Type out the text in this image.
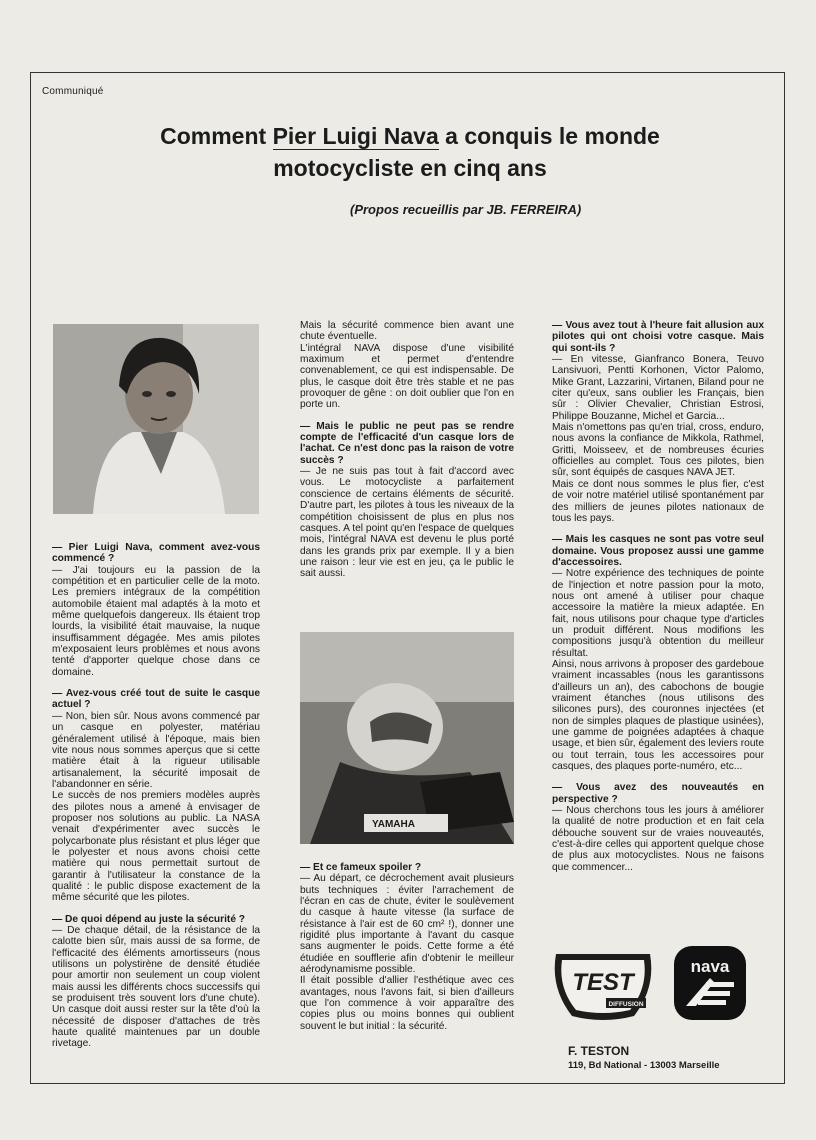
Communiqué
Comment Pier Luigi Nava a conquis le monde
motocycliste en cinq ans
(Propos recueillis par JB. FERREIRA)
YAMAHA

— Pier Luigi Nava, comment avez-vous commencé ?

— J'ai toujours eu la passion de la compétition et en particulier celle de la moto. Les premiers intégraux de la compétition automobile étaient mal adaptés à la moto et même quelquefois dangereux. Ils étaient trop lourds, la visibilité était mauvaise, la nuque insuffisamment dégagée. Mes amis pilotes m'exposaient leurs problèmes et nous avons tenté d'apporter quelque chose dans ce domaine.

— Avez-vous créé tout de suite le casque actuel ?

— Non, bien sûr. Nous avons commencé par un casque en polyester, matériau généralement utilisé à l'époque, mais bien vite nous nous sommes aperçus que si cette matière était à la rigueur utilisable artisanalement, la sécurité imposait de l'abandonner en série.

Le succès de nos premiers modèles auprès des pilotes nous a amené à envisager de proposer nos solutions au public. La NASA venait d'expérimenter avec succès le polycarbonate plus résistant et plus léger que le polyester et nous avons choisi cette matière qui nous permettait surtout de garantir à l'utilisateur la constance de la qualité : le public dispose exactement de la même sécurité que les pilotes.

— De quoi dépend au juste la sécurité ?

— De chaque détail, de la résistance de la calotte bien sûr, mais aussi de sa forme, de l'efficacité des éléments amortisseurs (nous utilisons un polystirène de densité étudiée pour amortir non seulement un coup violent mais aussi les différents chocs successifs qui se produisent très souvent lors d'une chute). Un casque doit aussi rester sur la tête d'où la nécessité de disposer d'attaches de très haute qualité maintenues par un double rivetage.

Mais la sécurité commence bien avant une chute éventuelle.

L'intégral NAVA dispose d'une visibilité maximum et permet d'entendre convenablement, ce qui est indispensable. De plus, le casque doit être très stable et ne pas provoquer de gêne : on doit oublier que l'on en porte un.

— Mais le public ne peut pas se rendre compte de l'efficacité d'un casque lors de l'achat. Ce n'est donc pas la raison de votre succès ?

— Je ne suis pas tout à fait d'accord avec vous. Le motocycliste a parfaitement conscience de certains éléments de sécurité. D'autre part, les pilotes à tous les niveaux de la compétition choisissent de plus en plus nos casques. A tel point qu'en l'espace de quelques mois, l'intégral NAVA est devenu le plus porté dans les grands prix par exemple. Il y a bien une raison : leur vie est en jeu, ça le public le sait aussi.

— Et ce fameux spoiler ?

— Au départ, ce décrochement avait plusieurs buts techniques : éviter l'arrachement de l'écran en cas de chute, éviter le soulèvement du casque à haute vitesse (la surface de résistance à l'air est de 60 cm² !), donner une rigidité plus importante à l'avant du casque sans augmenter le poids. Cette forme a été étudiée en soufflerie afin d'obtenir le meilleur aérodynamisme possible.

Il était possible d'allier l'esthétique avec ces avantages, nous l'avons fait, si bien d'ailleurs que l'on commence à voir apparaître des copies plus ou moins bonnes qui oublient souvent le but initial : la sécurité.

— Vous avez tout à l'heure fait allusion aux pilotes qui ont choisi votre casque. Mais qui sont-ils ?

— En vitesse, Gianfranco Bonera, Teuvo Lansivuori, Pentti Korhonen, Victor Palomo, Mike Grant, Lazzarini, Virtanen, Biland pour ne citer qu'eux, sans oublier les Français, bien sûr : Olivier Chevalier, Christian Estrosi, Philippe Bouzanne, Michel et Garcia...

Mais n'omettons pas qu'en trial, cross, enduro, nous avons la confiance de Mikkola, Rathmel, Gritti, Moisseev, et de nombreuses écuries officielles au complet. Tous ces pilotes, bien sûr, sont équipés de casques NAVA JET.

Mais ce dont nous sommes le plus fier, c'est de voir notre matériel utilisé spontanément par des milliers de jeunes pilotes nationaux de tous les pays.

— Mais les casques ne sont pas votre seul domaine. Vous proposez aussi une gamme d'accessoires.

— Notre expérience des techniques de pointe de l'injection et notre passion pour la moto, nous ont amené à utiliser pour chaque accessoire la matière la mieux adaptée. En fait, nous utilisons pour chaque type d'articles un produit différent. Nous modifions les compositions jusqu'à obtention du meilleur résultat.

Ainsi, nous arrivons à proposer des gardeboue vraiment incassables (nous les garantissons d'ailleurs un an), des cabochons de bougie vraiment étanches (nous utilisons des silicones purs), des couronnes injectées (et non de simples plaques de plastique usinées), une gamme de poignées adaptées à chaque usage, et bien sûr, également des leviers route ou tout terrain, tous les accessoires pour casques, des plaques porte-numéro, etc...

— Vous avez des nouveautés en perspective ?

— Nous cherchons tous les jours à améliorer la qualité de notre production et en fait cela débouche souvent sur de vraies nouveautés, c'est-à-dire celles qui apportent quelque chose de plus aux motocyclistes. Nous ne faisons que commencer...

TEST
DIFFUSION
nava
F. TESTON
119, Bd National - 13003 Marseille
